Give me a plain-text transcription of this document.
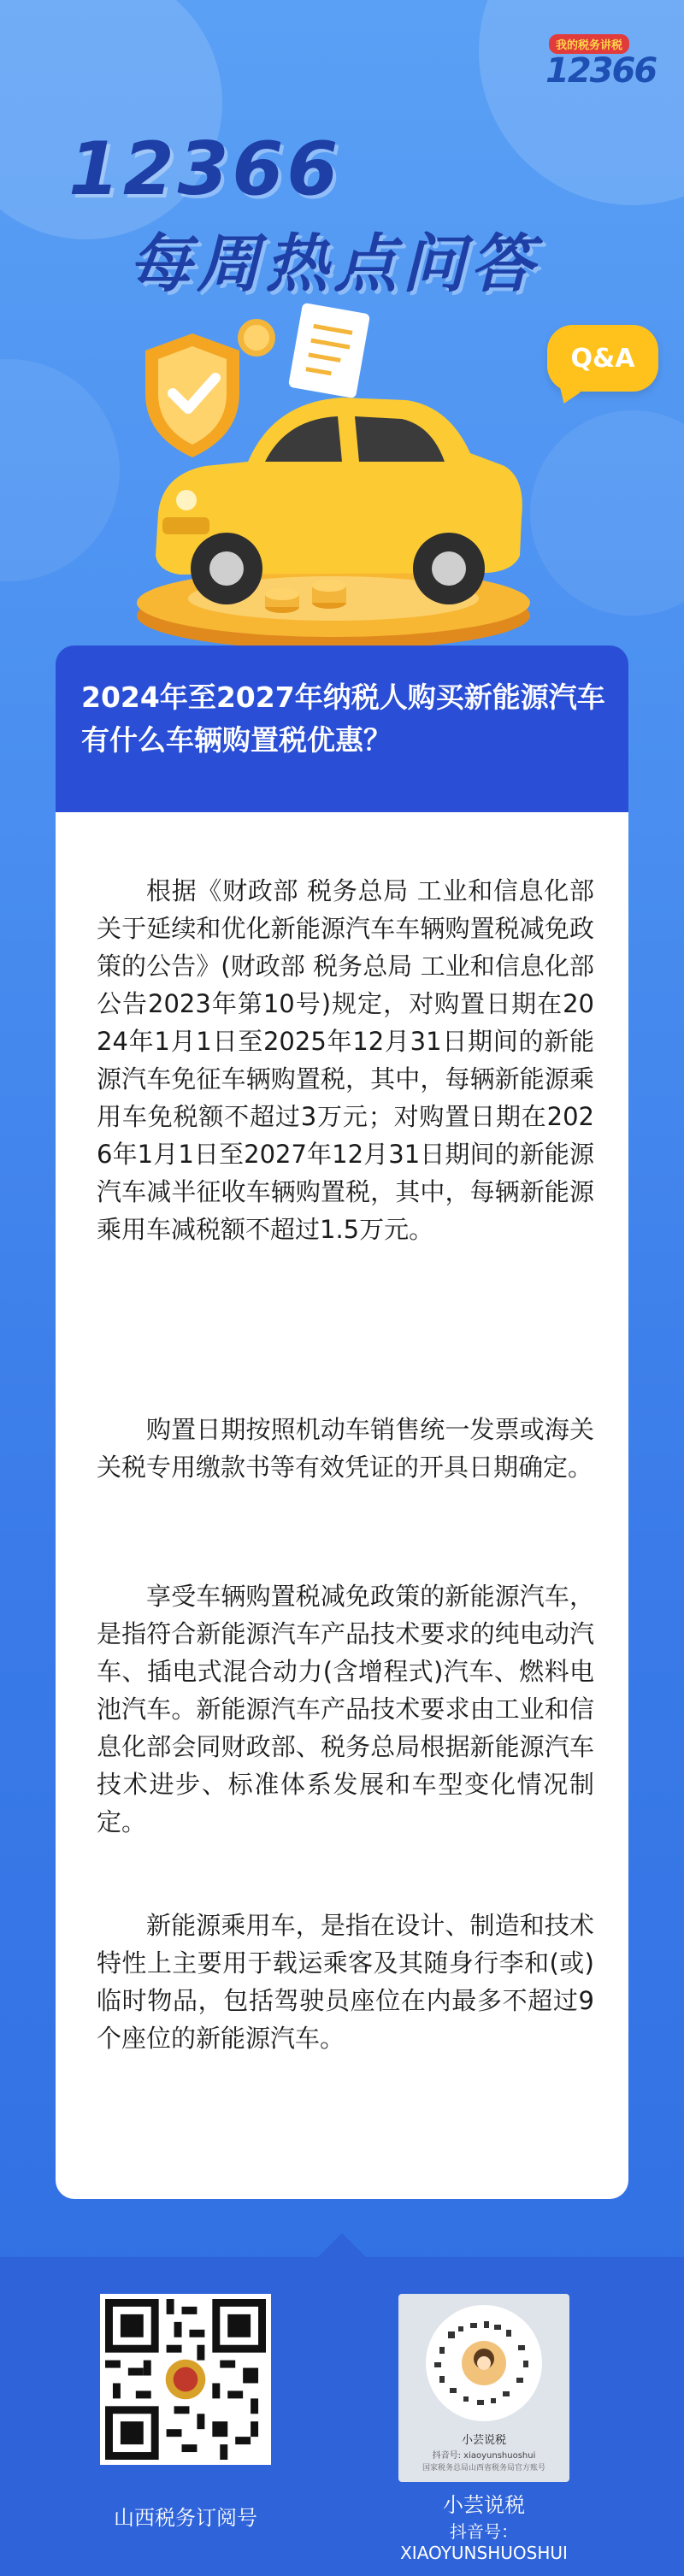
我的税务讲税
12366
12366
每周热点问答
Q&A
2024年至2027年纳税人购买新能源汽车有什么车辆购置税优惠？
根据《财政部 税务总局 工业和信息化部关于延续和优化新能源汽车车辆购置税减免政策的公告》(财政部 税务总局 工业和信息化部公告2023年第10号)规定，对购置日期在2024年1月1日至2025年12月31日期间的新能源汽车免征车辆购置税，其中，每辆新能源乘用车免税额不超过3万元；对购置日期在2026年1月1日至2027年12月31日期间的新能源汽车减半征收车辆购置税，其中，每辆新能源乘用车减税额不超过1.5万元。
购置日期按照机动车销售统一发票或海关关税专用缴款书等有效凭证的开具日期确定。
享受车辆购置税减免政策的新能源汽车，是指符合新能源汽车产品技术要求的纯电动汽车、插电式混合动力(含增程式)汽车、燃料电池汽车。新能源汽车产品技术要求由工业和信息化部会同财政部、税务总局根据新能源汽车技术进步、标准体系发展和车型变化情况制定。
新能源乘用车，是指在设计、制造和技术特性上主要用于载运乘客及其随身行李和(或)临时物品，包括驾驶员座位在内最多不超过9个座位的新能源汽车。
小芸说税
抖音号: xiaoyunshuoshui
国家税务总局山西省税务局官方账号
山西税务订阅号
小芸说税
抖音号：XIAOYUNSHUOSHUI
